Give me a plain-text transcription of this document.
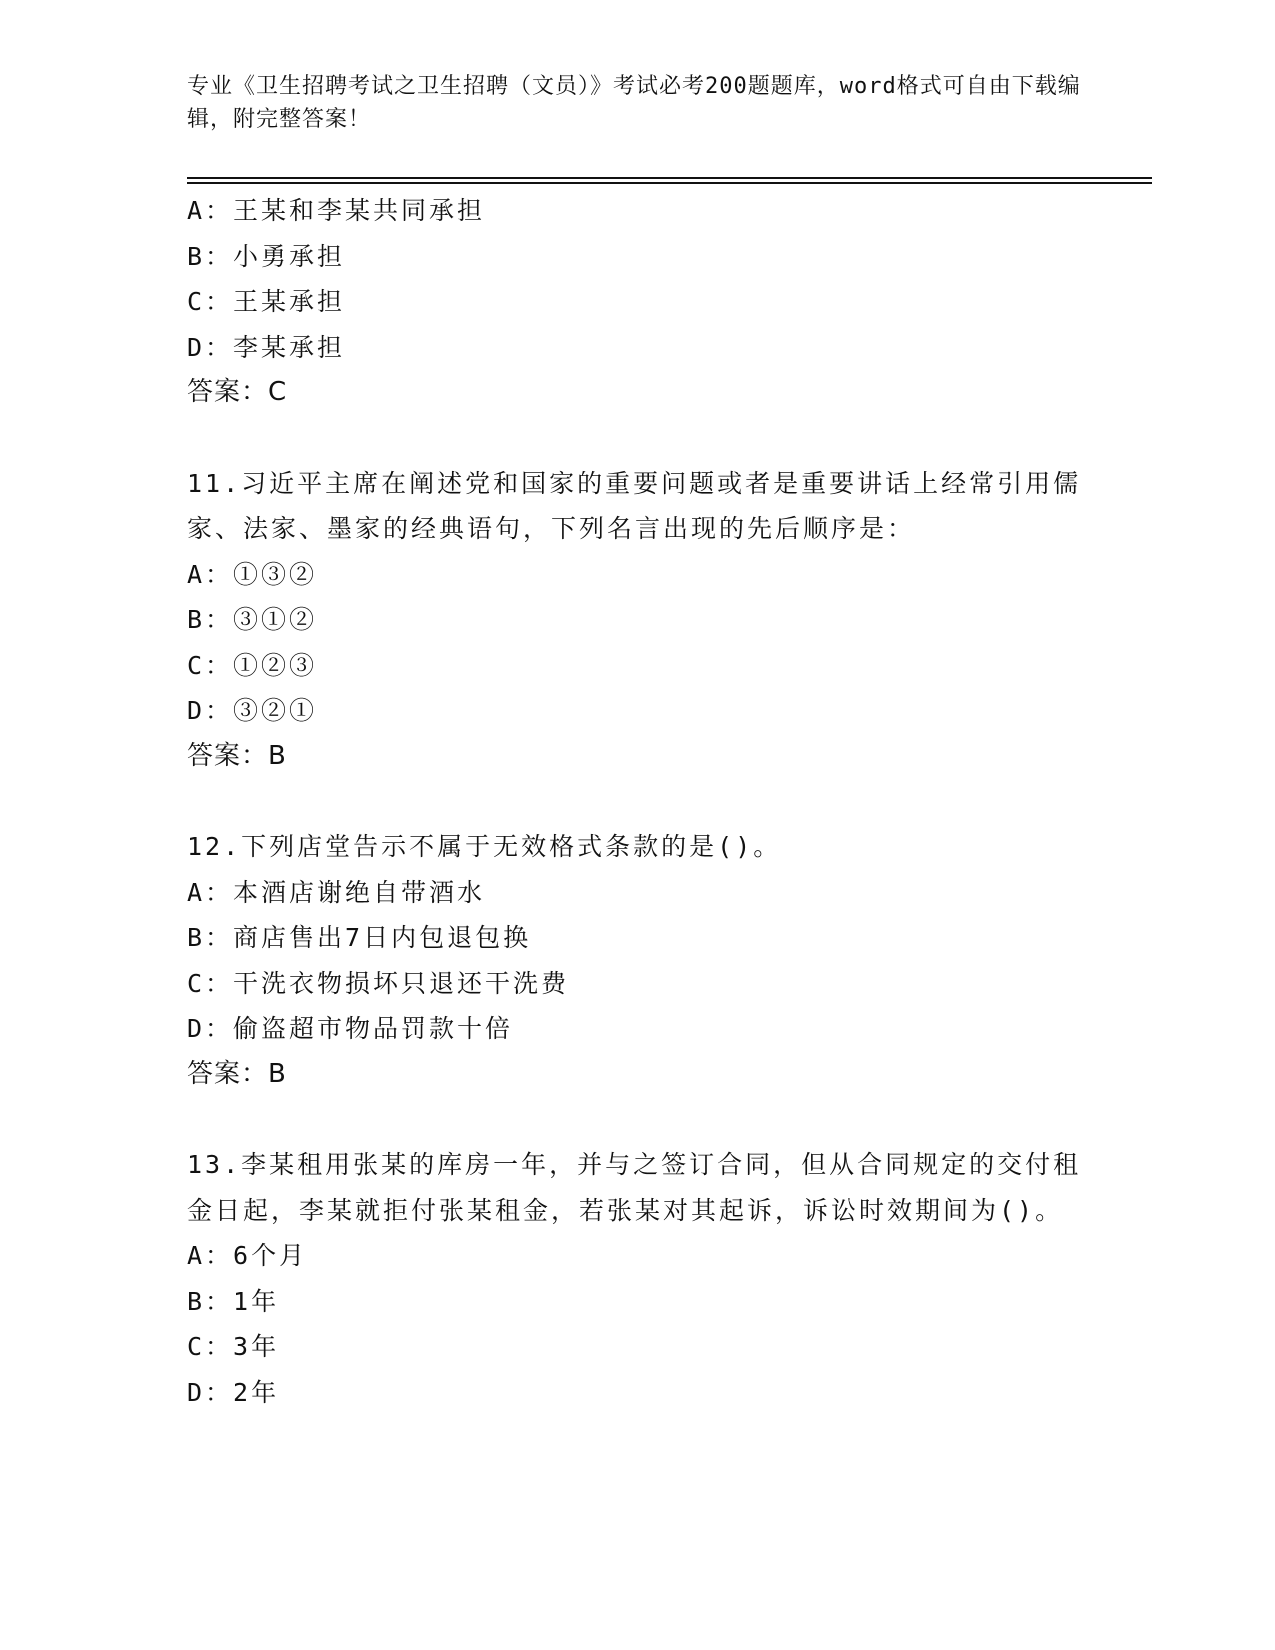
专业《卫生招聘考试之卫生招聘（文员）》考试必考200题题库，word格式可自由下载编辑，附完整答案！
A：王某和李某共同承担
B：小勇承担
C：王某承担
D：李某承担
答案：C
11.习近平主席在阐述党和国家的重要问题或者是重要讲话上经常引用儒家、法家、墨家的经典语句，下列名言出现的先后顺序是：
A：①③②
B：③①②
C：①②③
D：③②①
答案：B
12.下列店堂告示不属于无效格式条款的是()。
A：本酒店谢绝自带酒水
B：商店售出7日内包退包换
C：干洗衣物损坏只退还干洗费
D：偷盗超市物品罚款十倍
答案：B
13.李某租用张某的库房一年，并与之签订合同，但从合同规定的交付租金日起，李某就拒付张某租金，若张某对其起诉，诉讼时效期间为()。
A：6个月
B：1年
C：3年
D：2年
